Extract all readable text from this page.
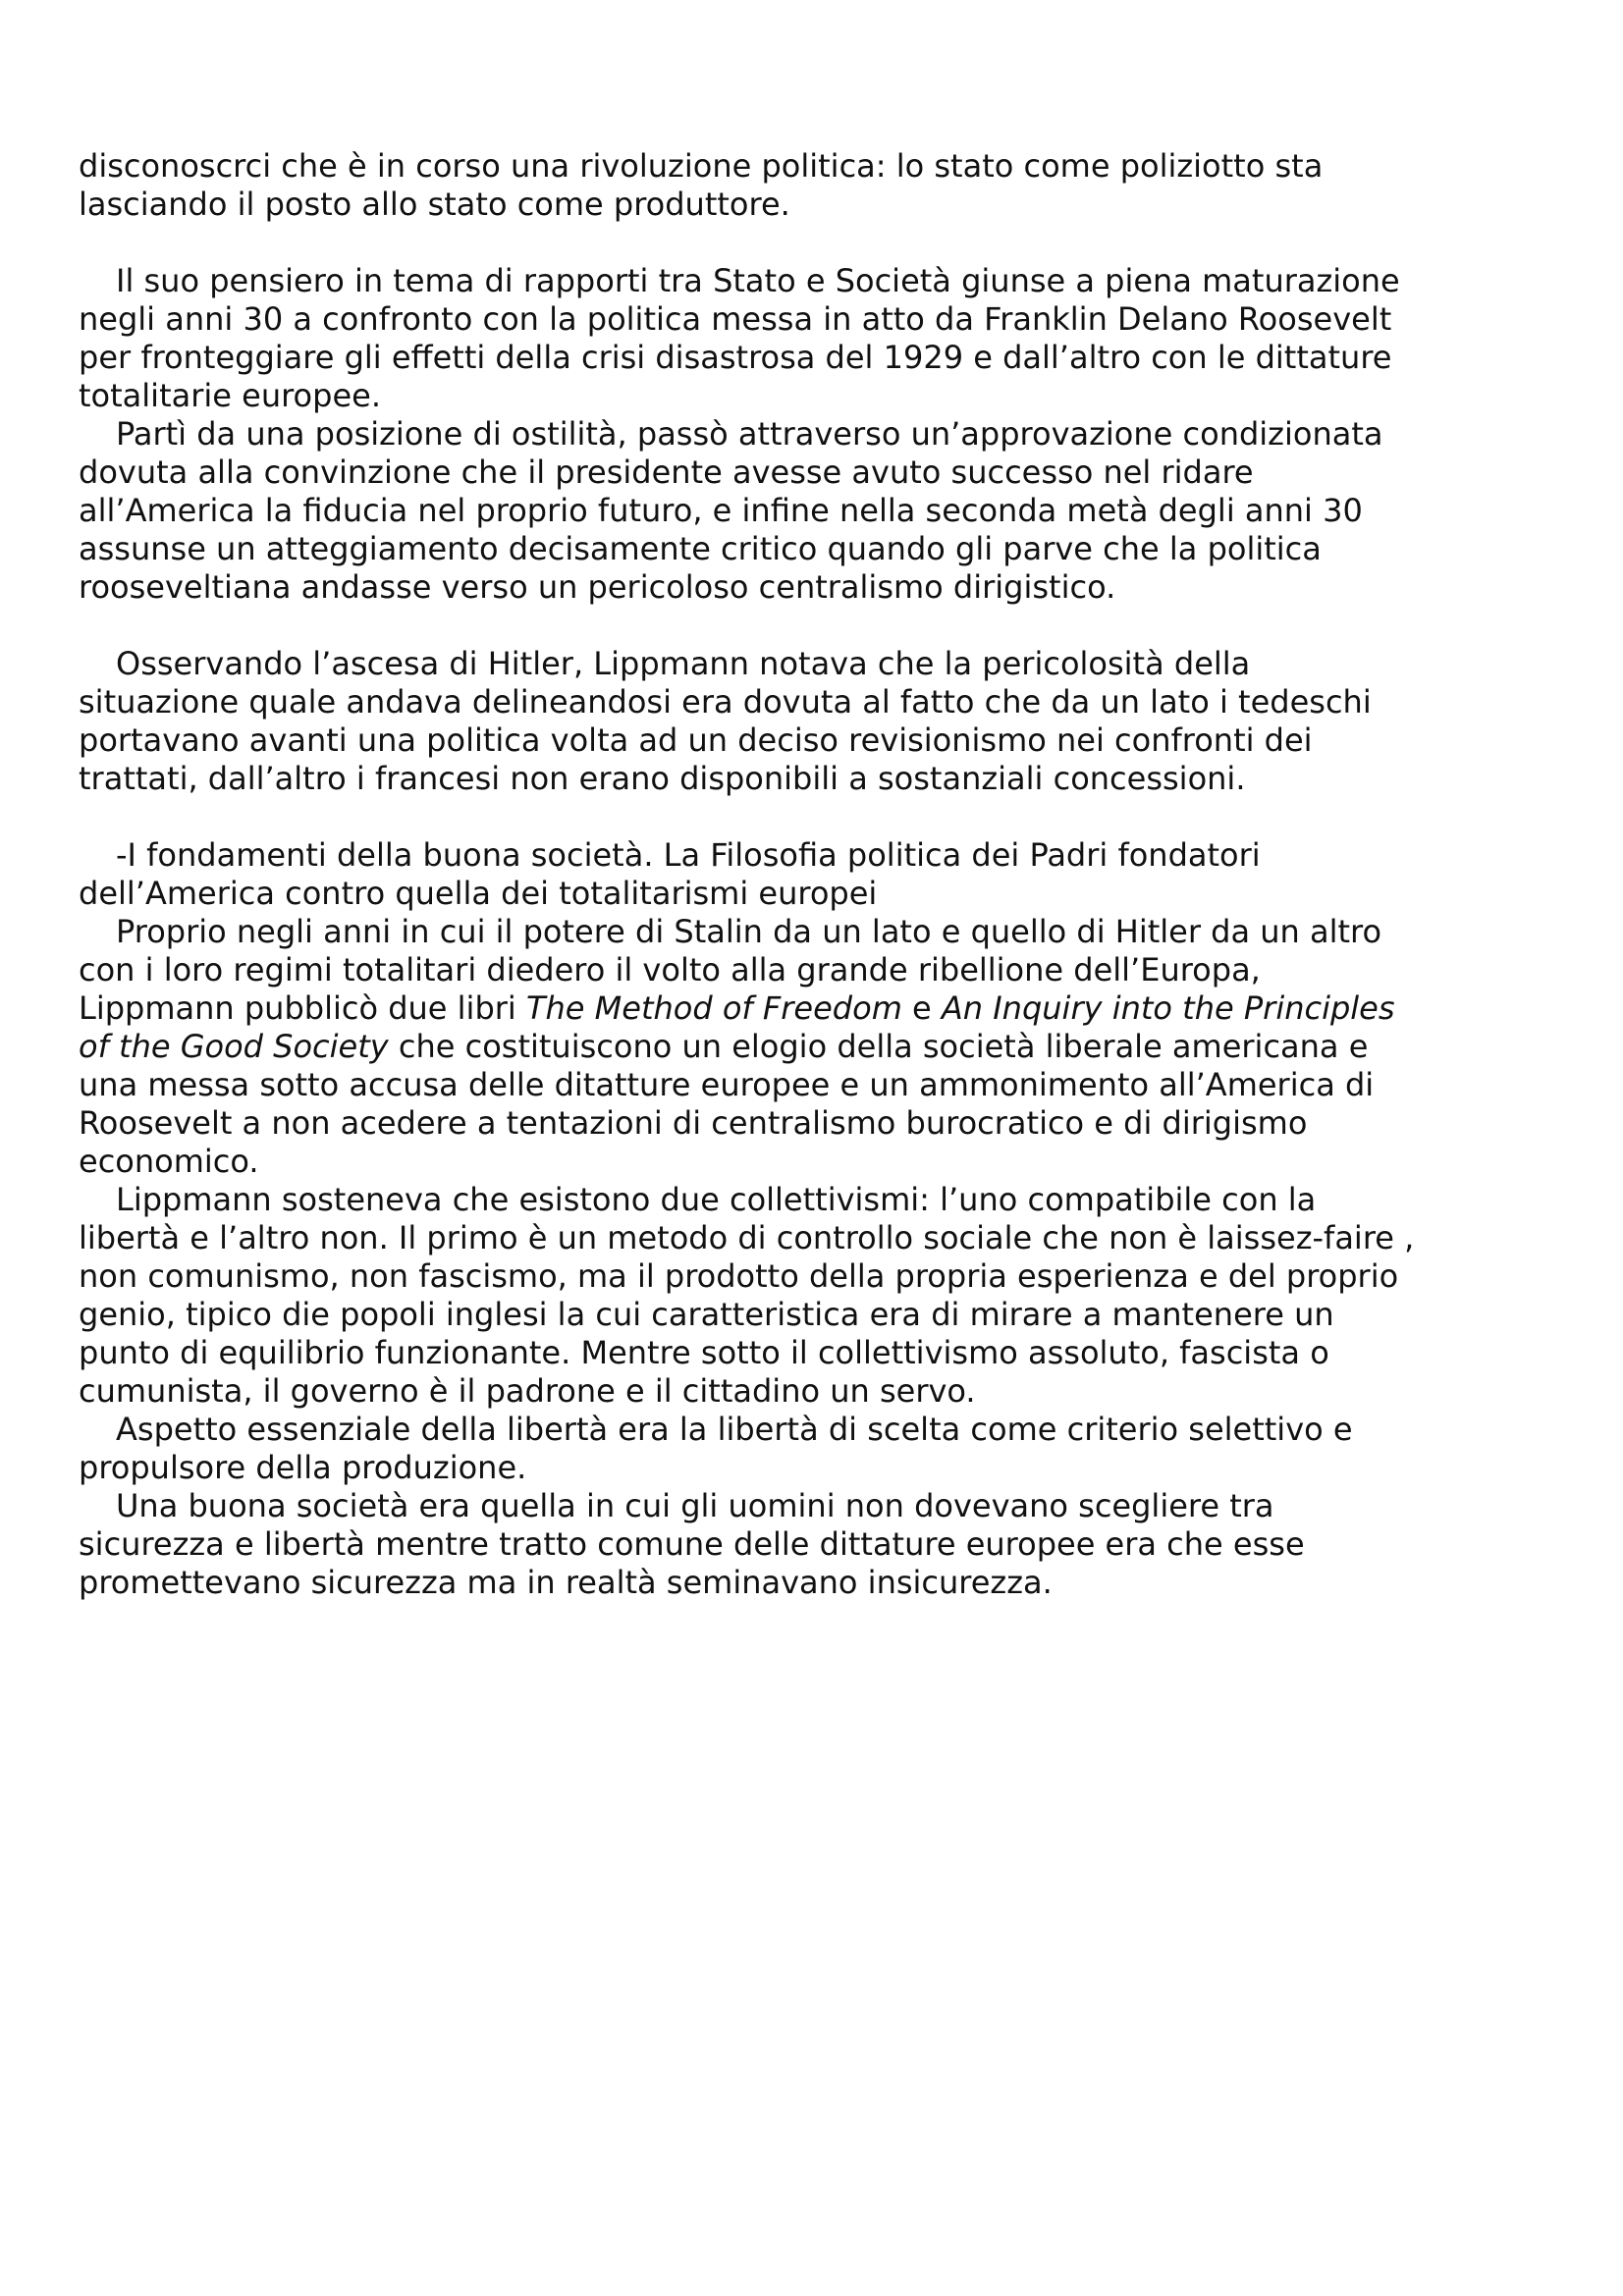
disconoscrci che è in corso una rivoluzione politica: lo stato come poliziotto sta
lasciando il posto allo stato come produttore.

Il suo pensiero in tema di rapporti tra Stato e Società giunse a piena maturazione
negli anni 30 a confronto con la politica messa in atto da Franklin Delano Roosevelt
per fronteggiare gli effetti della crisi disastrosa del 1929 e dall’altro con le dittature
totalitarie europee.

Partì da una posizione di ostilità, passò attraverso un’approvazione condizionata
dovuta alla convinzione che il presidente avesse avuto successo nel ridare
all’America la fiducia nel proprio futuro, e infine nella seconda metà degli anni 30
assunse un atteggiamento decisamente critico quando gli parve che la politica
rooseveltiana andasse verso un pericoloso centralismo dirigistico.

Osservando l’ascesa di Hitler, Lippmann notava che la pericolosità della
situazione quale andava delineandosi era dovuta al fatto che da un lato i tedeschi
portavano avanti una politica volta ad un deciso revisionismo nei confronti dei
trattati, dall’altro i francesi non erano disponibili a sostanziali concessioni.

-I fondamenti della buona società. La Filosofia politica dei Padri fondatori
dell’America contro quella dei totalitarismi europei

Proprio negli anni in cui il potere di Stalin da un lato e quello di Hitler da un altro
con i loro regimi totalitari diedero il volto alla grande ribellione dell’Europa,
Lippmann pubblicò due libri The Method of Freedom e An Inquiry into the Principles
of the Good Society che costituiscono un elogio della società liberale americana e
una messa sotto accusa delle ditatture europee e un ammonimento all’America di
Roosevelt a non acedere a tentazioni di centralismo burocratico e di dirigismo
economico.

Lippmann sosteneva che esistono due collettivismi: l’uno compatibile con la
libertà e l’altro non. Il primo è un metodo di controllo sociale che non è laissez-faire ,
non comunismo, non fascismo, ma il prodotto della propria esperienza e del proprio
genio, tipico die popoli inglesi la cui caratteristica era di mirare a mantenere un
punto di equilibrio funzionante. Mentre sotto il collettivismo assoluto, fascista o
cumunista, il governo è il padrone e il cittadino un servo.

Aspetto essenziale della libertà era la libertà di scelta come criterio selettivo e
propulsore della produzione.

Una buona società era quella in cui gli uomini non dovevano scegliere tra
sicurezza e libertà mentre tratto comune delle dittature europee era che esse
promettevano sicurezza ma in realtà seminavano insicurezza.
